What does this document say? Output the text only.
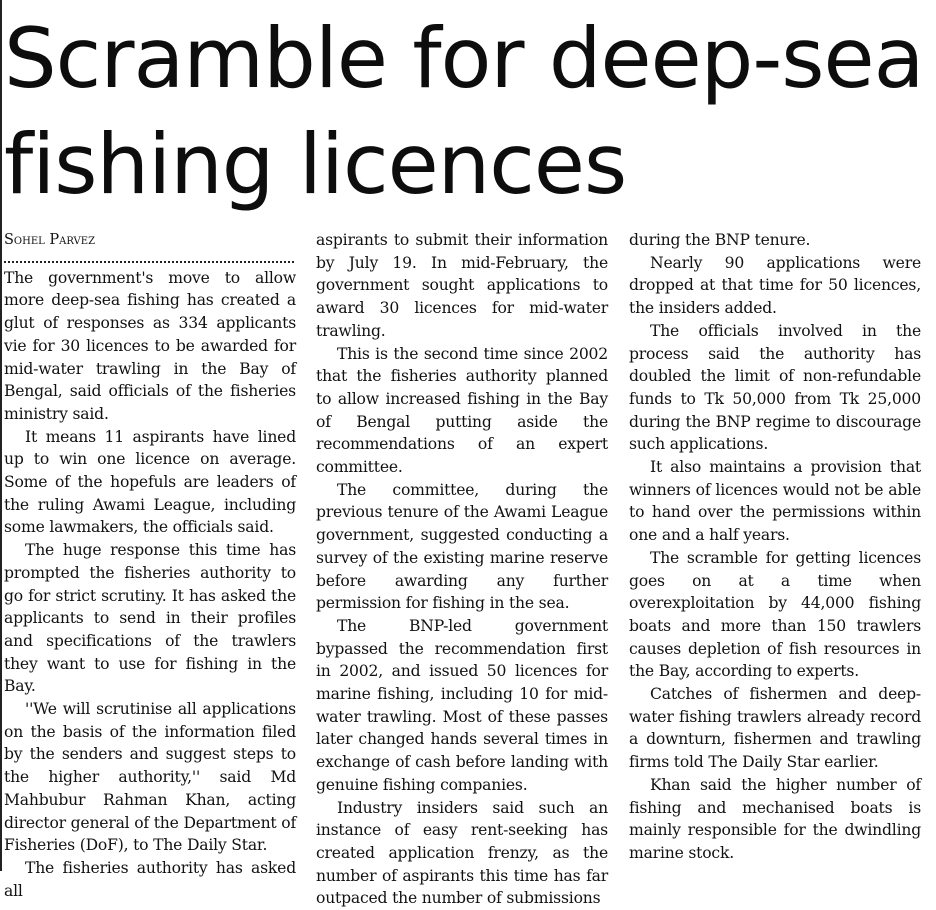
Scramble for deep-sea
fishing licences
Sohel Parvez

The government's move to allow more deep-sea fishing has created a glut of responses as 334 applicants vie for 30 licences to be awarded for mid-water trawling in the Bay of Bengal, said officials of the fisheries ministry said.

It means 11 aspirants have lined up to win one licence on average. Some of the hopefuls are leaders of the ruling Awami League, including some lawmakers, the officials said.

The huge response this time has prompted the fisheries authority to go for strict scrutiny. It has asked the applicants to send in their profiles and specifications of the trawlers they want to use for fishing in the Bay.

''We will scrutinise all applications on the basis of the information filed by the senders and suggest steps to the higher authority,'' said Md Mahbubur Rahman Khan, acting director general of the Department of Fisheries (DoF), to The Daily Star.

The fisheries authority has asked all

aspirants to submit their information by July 19. In mid-February, the government sought applications to award 30 licences for mid-water trawling.

This is the second time since 2002 that the fisheries authority planned to allow increased fishing in the Bay of Bengal putting aside the recommendations of an expert committee.

The committee, during the previous tenure of the Awami League government, suggested conducting a survey of the existing marine reserve before awarding any further permission for fishing in the sea.

The BNP-led government bypassed the recommendation first in 2002, and issued 50 licences for marine fishing, including 10 for mid-water trawling. Most of these passes later changed hands several times in exchange of cash before landing with genuine fishing companies.

Industry insiders said such an instance of easy rent-seeking has created application frenzy, as the number of aspirants this time has far outpaced the number of submissions

during the BNP tenure.

Nearly 90 applications were dropped at that time for 50 licences, the insiders added.

The officials involved in the process said the authority has doubled the limit of non-refundable funds to Tk 50,000 from Tk 25,000 during the BNP regime to discourage such applications.

It also maintains a provision that winners of licences would not be able to hand over the permissions within one and a half years.

The scramble for getting licences goes on at a time when overexploitation by 44,000 fishing boats and more than 150 trawlers causes depletion of fish resources in the Bay, according to experts.

Catches of fishermen and deep-water fishing trawlers already record a downturn, fishermen and trawling firms told The Daily Star earlier.

Khan said the higher number of fishing and mechanised boats is mainly responsible for the dwindling marine stock.
